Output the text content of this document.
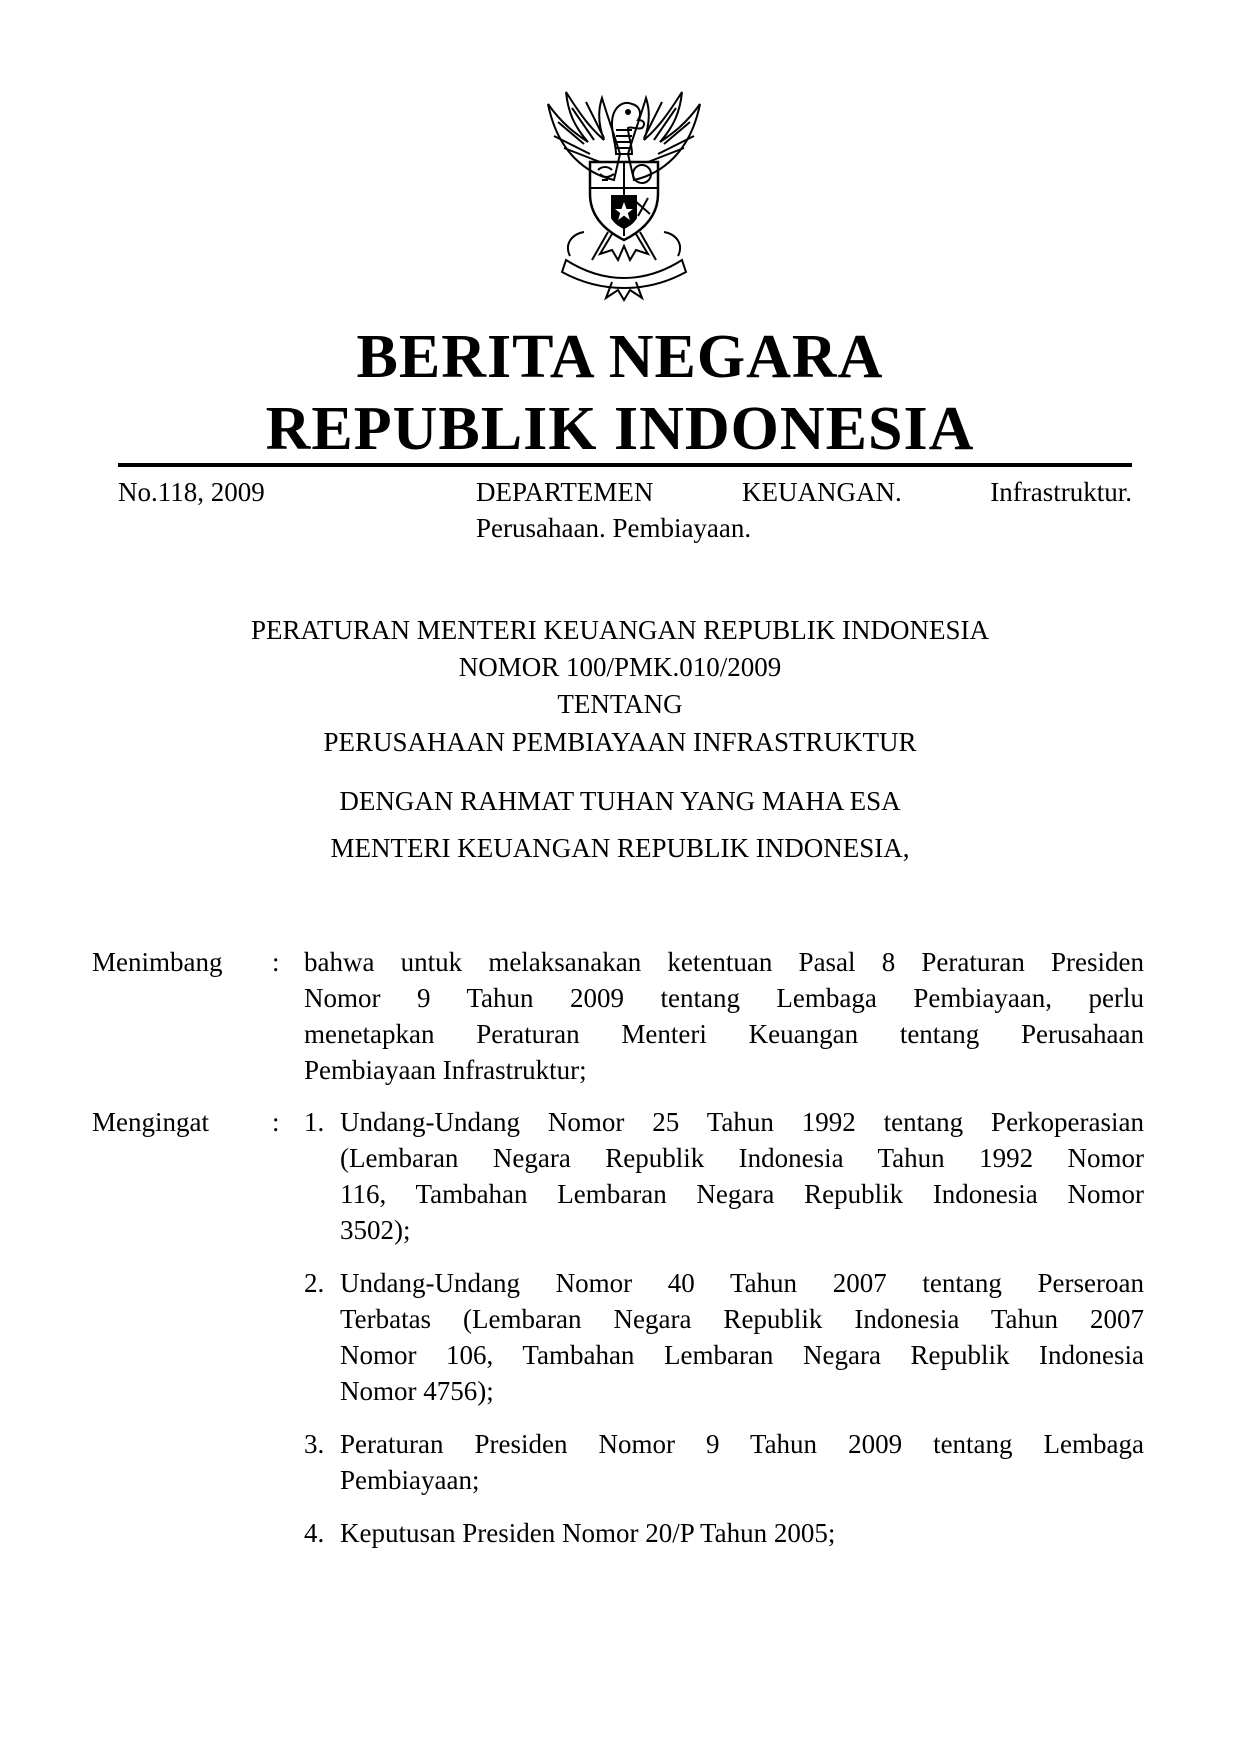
BERITA NEGARA
REPUBLIK INDONESIA
No.118, 2009	DEPARTEMEN	KEUANGAN.	Infrastruktur.
Perusahaan. Pembiayaan.
PERATURAN MENTERI KEUANGAN REPUBLIK INDONESIA
NOMOR 100/PMK.010/2009
TENTANG
PERUSAHAAN PEMBIAYAAN INFRASTRUKTUR
DENGAN RAHMAT TUHAN YANG MAHA ESA
MENTERI KEUANGAN REPUBLIK INDONESIA,
Menimbang : bahwa untuk melaksanakan ketentuan Pasal 8 Peraturan Presiden
Nomor 9 Tahun 2009 tentang Lembaga Pembiayaan, perlu
menetapkan Peraturan Menteri Keuangan tentang Perusahaan
Pembiayaan Infrastruktur;
Mengingat : 1. Undang-Undang Nomor 25 Tahun 1992 tentang Perkoperasian
(Lembaran Negara Republik Indonesia Tahun 1992 Nomor
116, Tambahan Lembaran Negara Republik Indonesia Nomor
3502);
2. Undang-Undang Nomor 40 Tahun 2007 tentang Perseroan
Terbatas (Lembaran Negara Republik Indonesia Tahun 2007
Nomor 106, Tambahan Lembaran Negara Republik Indonesia
Nomor 4756);
3. Peraturan Presiden Nomor 9 Tahun 2009 tentang Lembaga
Pembiayaan;
4. Keputusan Presiden Nomor 20/P Tahun 2005;
